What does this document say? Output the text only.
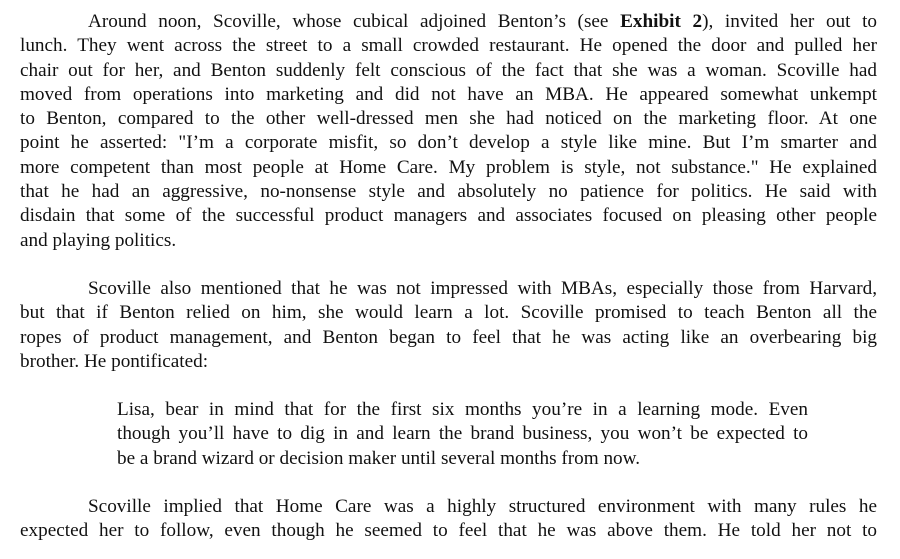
Around noon, Scoville, whose cubical adjoined Benton’s (see Exhibit 2), invited her out to
lunch. They went across the street to a small crowded restaurant. He opened the door and pulled her
chair out for her, and Benton suddenly felt conscious of the fact that she was a woman. Scoville had
moved from operations into marketing and did not have an MBA. He appeared somewhat unkempt
to Benton, compared to the other well-dressed men she had noticed on the marketing floor. At one
point he asserted: "I’m a corporate misfit, so don’t develop a style like mine. But I’m smarter and
more competent than most people at Home Care. My problem is style, not substance." He explained
that he had an aggressive, no-nonsense style and absolutely no patience for politics. He said with
disdain that some of the successful product managers and associates focused on pleasing other people
and playing politics.
Scoville also mentioned that he was not impressed with MBAs, especially those from Harvard,
but that if Benton relied on him, she would learn a lot. Scoville promised to teach Benton all the
ropes of product management, and Benton began to feel that he was acting like an overbearing big
brother. He pontificated:
Lisa, bear in mind that for the first six months you’re in a learning mode. Even
though you’ll have to dig in and learn the brand business, you won’t be expected to
be a brand wizard or decision maker until several months from now.
Scoville implied that Home Care was a highly structured environment with many rules he
expected her to follow, even though he seemed to feel that he was above them. He told her not to
